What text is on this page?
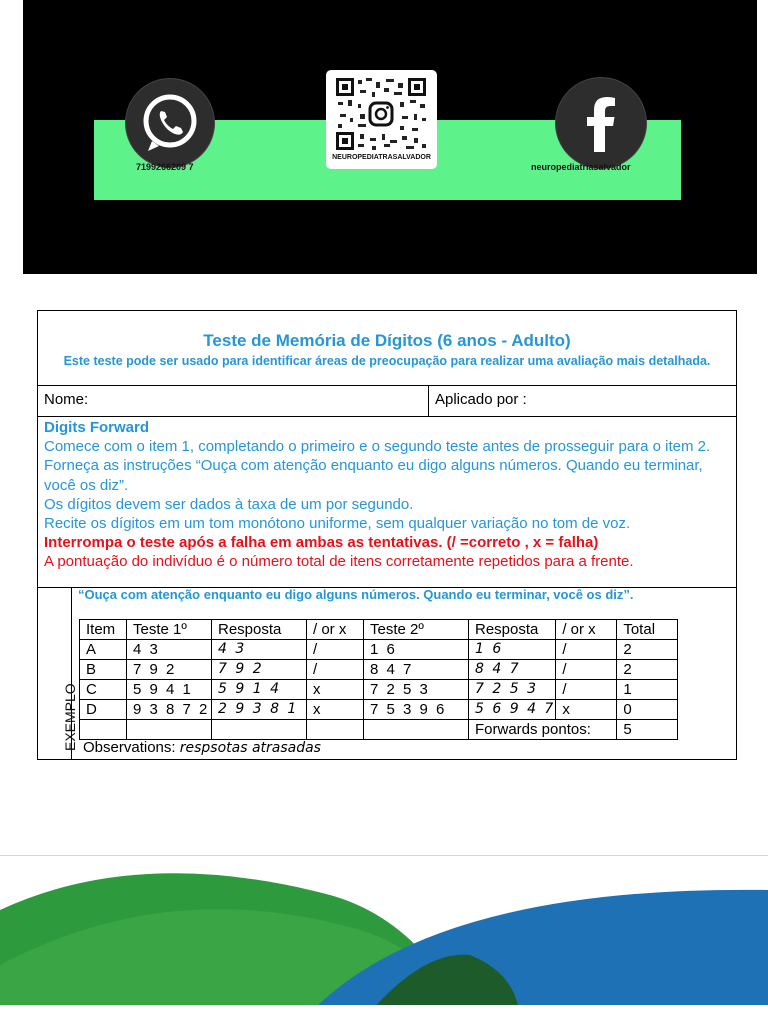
7199266209 7
NEUROPEDIATRASALVADOR
neuropediatriasalvador
Teste de Memória de Dígitos (6 anos - Adulto)
Este teste pode ser usado para identificar áreas de preocupação para realizar uma avaliação mais detalhada.
Nome:	Aplicado por :
Digits Forward
Comece com o item 1, completando o primeiro e o segundo teste antes de prosseguir para o item 2. Forneça as instruções “Ouça com atenção enquanto eu digo alguns números. Quando eu terminar, você os diz”.
Os dígitos devem ser dados à taxa de um por segundo.
Recite os dígitos em um tom monótono uniforme, sem qualquer variação no tom de voz.
Interrompa o teste após a falha em ambas as tentativas. (/ =correto , x = falha)
A pontuação do indivíduo é o número total de itens corretamente repetidos para a frente.
EXEMPLO
“Ouça com atenção enquanto eu digo alguns números. Quando eu terminar, você os diz”.
Item	Teste 1º	Resposta	/ or x	Teste 2º	Resposta	/ or x	Total
A	4 3	4 3	/	1 6	1 6	/	2
B	7 9 2	7 9 2	/	8 4 7	8 4 7	/	2
C	5 9 4 1	5 9 1 4	x	7 2 5 3	7 2 5 3	/	1
D	9 3 8 7 2	2 9 3 8 1	x	7 5 3 9 6	5 6 9 4 7	x	0
					Forwards pontos:		5
Observations: respsotas atrasadas
